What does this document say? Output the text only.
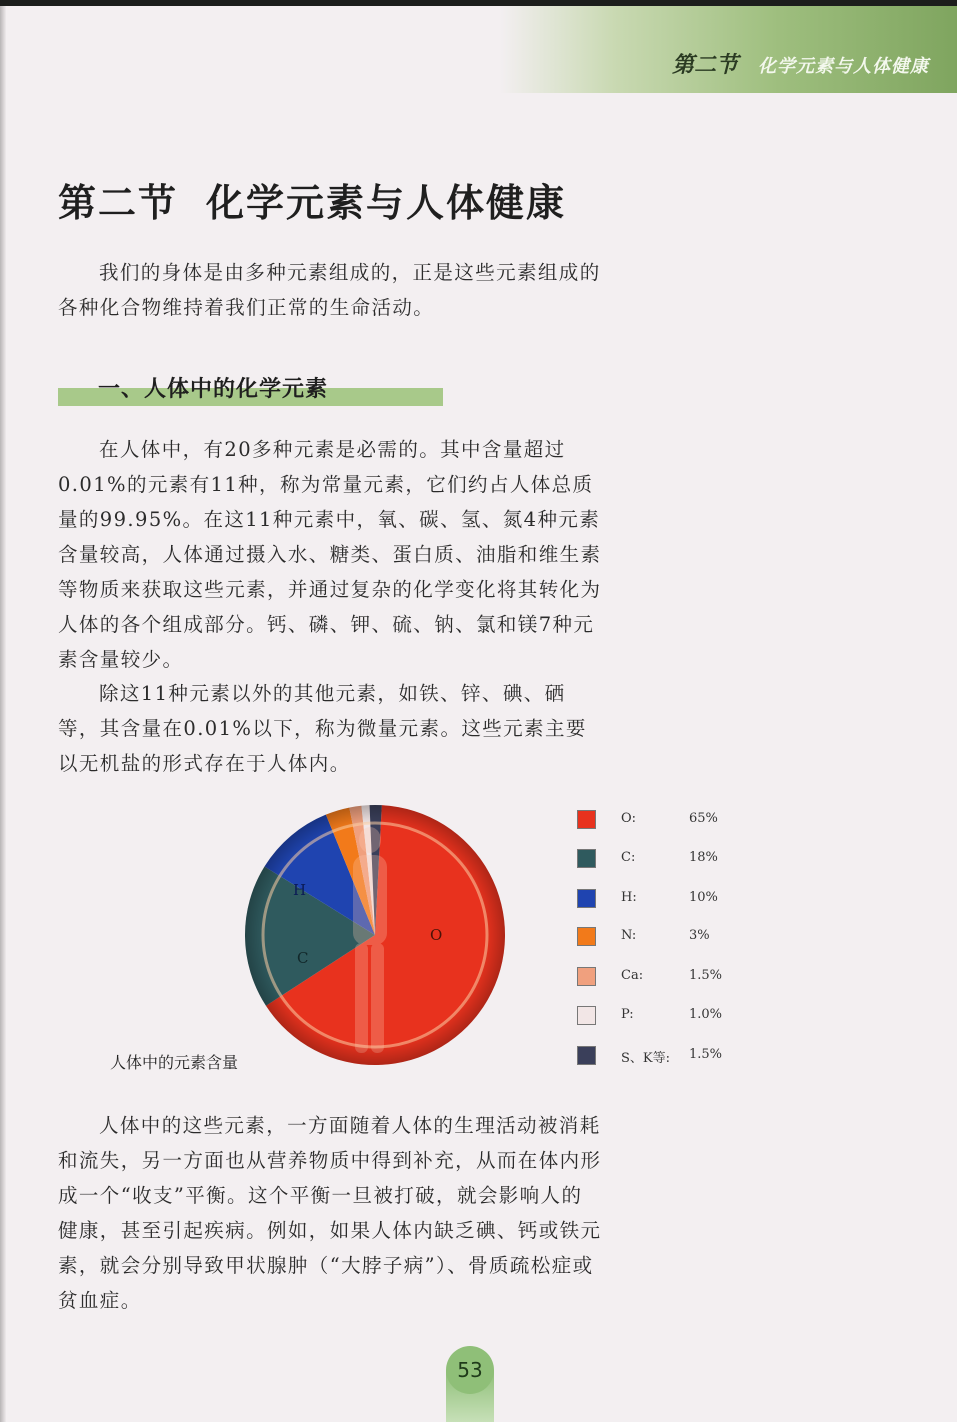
第二节 化学元素与人体健康
第二节 化学元素与人体健康

我们的身体是由多种元素组成的，正是这些元素组成的各种化合物维持着我们正常的生命活动。

一、人体中的化学元素

在人体中，有20多种元素是必需的。其中含量超过0.01%的元素有11种，称为常量元素，它们约占人体总质量的99.95%。在这11种元素中，氧、碳、氢、氮4种元素含量较高，人体通过摄入水、糖类、蛋白质、油脂和维生素等物质来获取这些元素，并通过复杂的化学变化将其转化为人体的各个组成部分。钙、磷、钾、硫、钠、氯和镁7种元素含量较少。

除这11种元素以外的其他元素，如铁、锌、碘、硒等，其含量在0.01%以下，称为微量元素。这些元素主要以无机盐的形式存在于人体内。

O
C
H
人体中的元素含量
O:	65%
C:	18%
H:	10%
N:	3%
Ca:	1.5%
P:	1.0%
S、K等: 1.5%

人体中的这些元素，一方面随着人体的生理活动被消耗和流失，另一方面也从营养物质中得到补充，从而在体内形成一个“收支”平衡。这个平衡一旦被打破，就会影响人的健康，甚至引起疾病。例如，如果人体内缺乏碘、钙或铁元素，就会分别导致甲状腺肿（“大脖子病”）、骨质疏松症或贫血症。

53
